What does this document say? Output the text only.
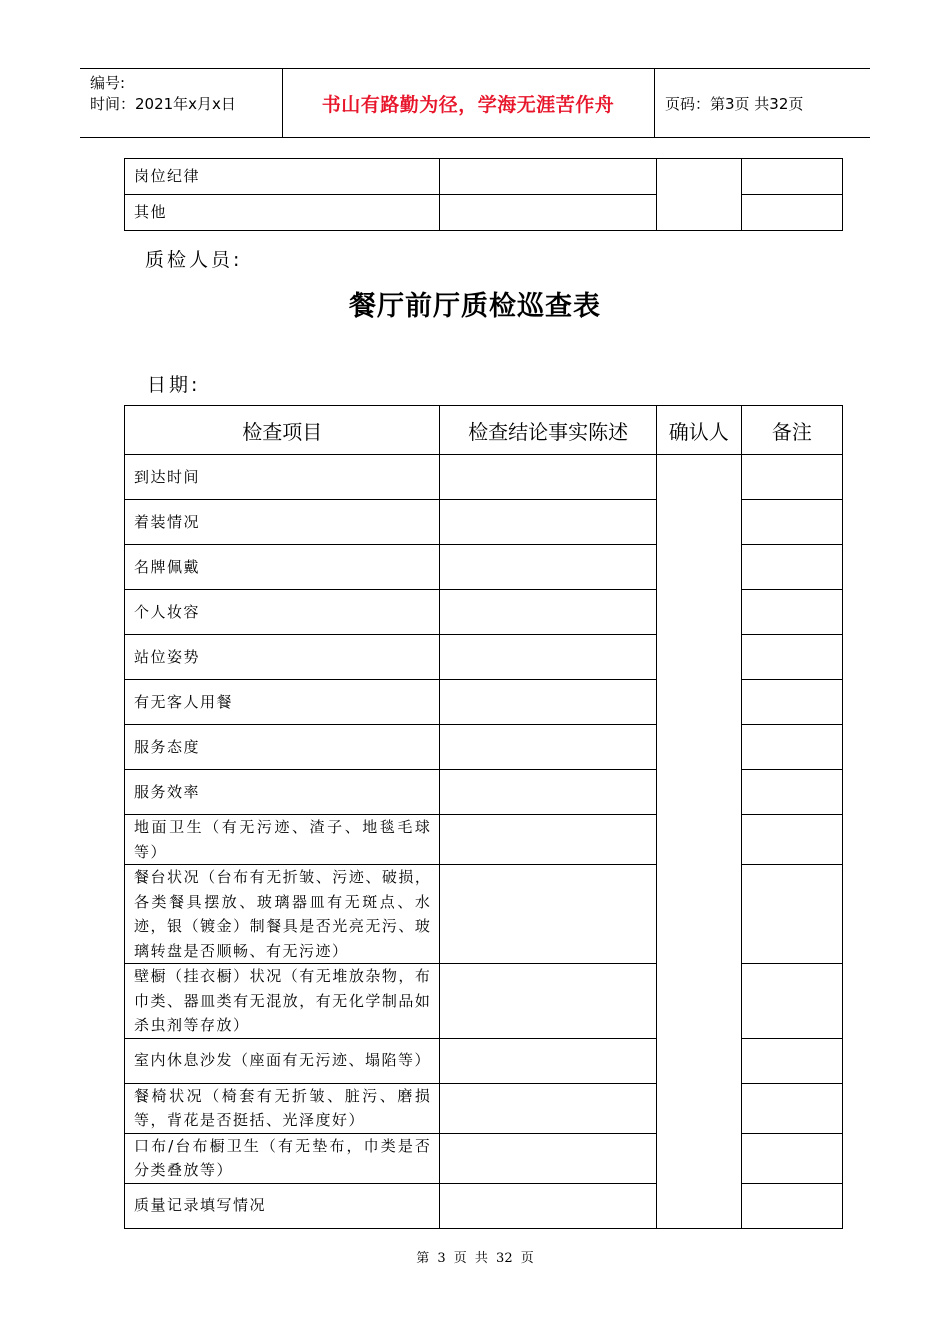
编号:
时间：2021年x月x日	书山有路勤为径，学海无涯苦作舟	页码：第3页 共32页
岗位纪律			

其他			

质检人员:
餐厅前厅质检巡查表
日期:
检查项目	检查结论事实陈述	确认人	备注

到达时间			

着装情况			

名牌佩戴			

个人妆容			

站位姿势			

有无客人用餐			

服务态度			

服务效率			

地面卫生（有无污迹、渣子、地毯毛球等）			

餐台状况（台布有无折皱、污迹、破损，各类餐具摆放、玻璃器皿有无斑点、水迹，银（镀金）制餐具是否光亮无污、玻璃转盘是否顺畅、有无污迹）			

壁橱（挂衣橱）状况（有无堆放杂物，布巾类、器皿类有无混放，有无化学制品如杀虫剂等存放）			

室内休息沙发（座面有无污迹、塌陷等）			

餐椅状况（椅套有无折皱、脏污、磨损等，背花是否挺括、光泽度好）			

口布/台布橱卫生（有无垫布，巾类是否分类叠放等）			

质量记录填写情况			

第 3 页 共 32 页
